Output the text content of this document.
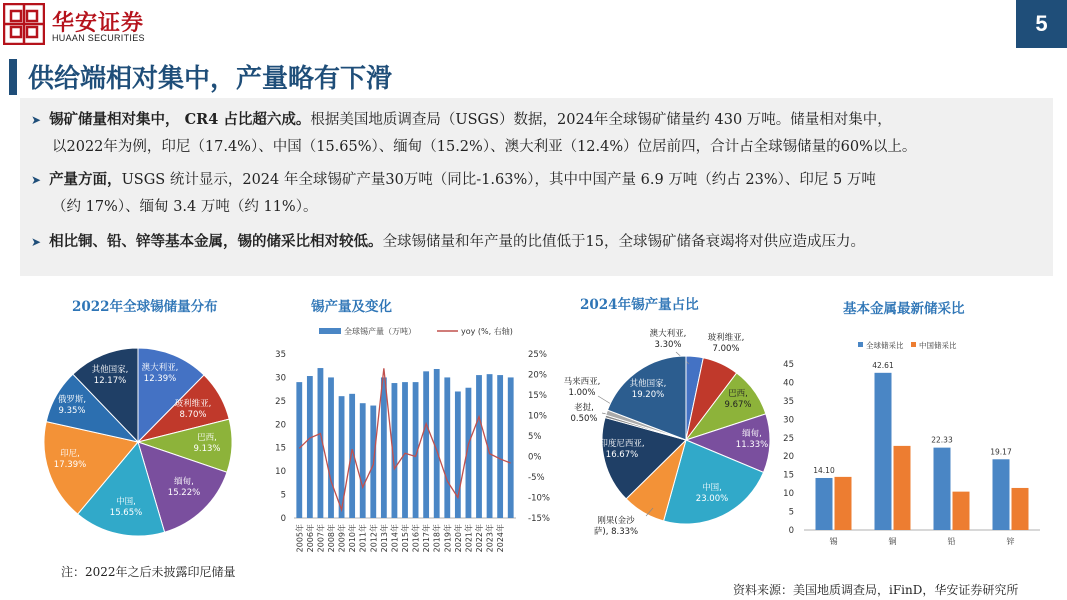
华安证券
HUAAN SECURITIES
5
供给端相对集中，产量略有下滑
➤ 锡矿储量相对集中， CR4 占比超六成。根据美国地质调查局（USGS）数据，2024年全球锡矿储量约 430 万吨。储量相对集中，
以2022年为例，印尼（17.4%）、中国（15.65%）、缅甸（15.2%）、澳大利亚（12.4%）位居前四，合计占全球锡储量的60%以上。
➤ 产量方面，USGS 统计显示，2024 年全球锡矿产量30万吨（同比-1.63%），其中中国产量 6.9 万吨（约占 23%）、印尼 5 万吨
（约 17%）、缅甸 3.4 万吨（约 11%）。
➤ 相比铜、铅、锌等基本金属，锡的储采比相对较低。全球锡储量和年产量的比值低于15，全球锡矿储备衰竭将对供应造成压力。
2022年全球锡储量分布	锡产量及变化	2024年锡产量占比	基本金属最新储采比
澳大利亚, 12.39%
玻利维亚, 8.70%
巴西, 9.13%
缅甸, 15.22%
中国, 15.65%
印尼, 17.39%
俄罗斯, 9.35%
其他国家, 12.17%
全球锡产量（万吨）	yoy (%, 右轴)
0
5
10
15
20
25
30
35
-15%
-10%
-5%
0%
5%
10%
15%
20%
25%
2005年 2006年 2007年 2008年 2009年 2010年 2011年 2012年 2013年 2014年 2015年 2016年 2017年 2018年 2019年 2020年 2021年 2022年 2023年 2024年
澳大利亚, 3.30%
玻利维亚, 7.00%
巴西, 9.67%
缅甸, 11.33%
中国, 23.00%
刚果(金沙萨), 8.33%
印度尼西亚, 16.67%
老挝, 0.50%
马来西亚, 1.00%
其他国家, 19.20%
全球储采比 中国储采比
0
5
10
15
20
25
30
35
40
45
14.10
锡
42.61
铜
22.33
铅
19.17
锌
注：2022年之后未披露印尼储量
资料来源：美国地质调查局，iFinD，华安证券研究所
